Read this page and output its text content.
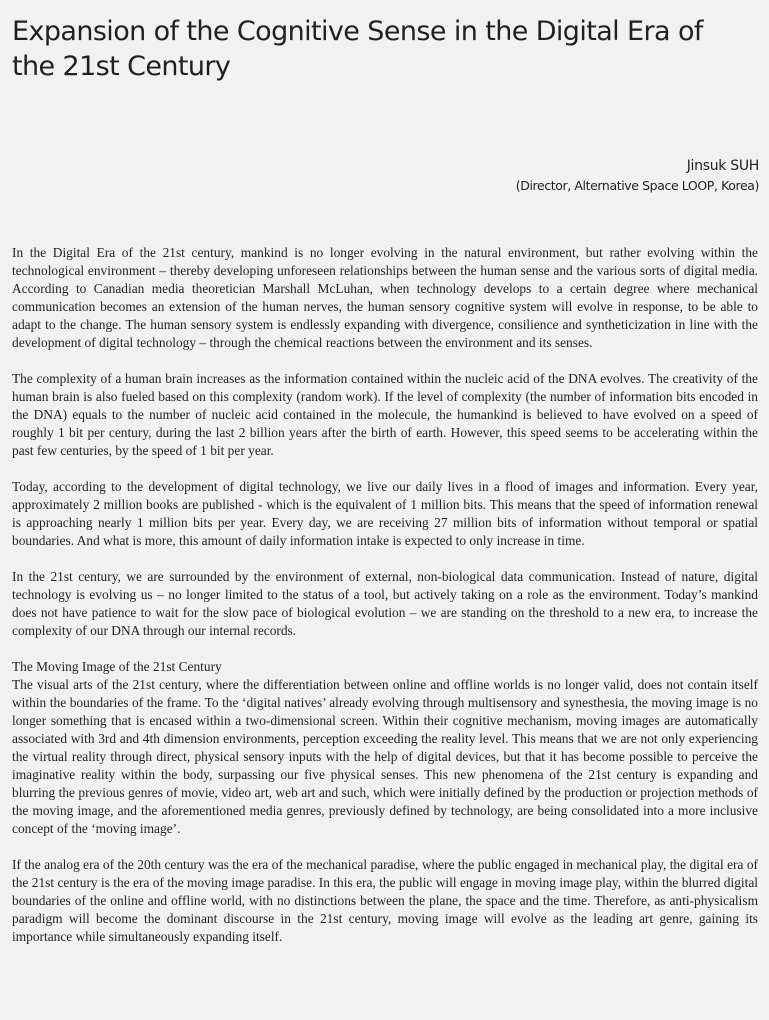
Expansion of the Cognitive Sense in the Digital Era of the 21st Century
Jinsuk SUH
(Director, Alternative Space LOOP, Korea)

In the Digital Era of the 21st century, mankind is no longer evolving in the natural environment, but rather evolving within the technological environment – thereby developing unforeseen relationships between the human sense and the various sorts of digital media. According to Canadian media theoretician Marshall McLuhan, when technology develops to a certain degree where mechanical communication becomes an extension of the human nerves, the human sensory cognitive system will evolve in response, to be able to adapt to the change. The human sensory system is endlessly expanding with divergence, consilience and syntheticization in line with the development of digital technology – through the chemical reactions between the environment and its senses.

The complexity of a human brain increases as the information contained within the nucleic acid of the DNA evolves. The creativity of the human brain is also fueled based on this complexity (random work). If the level of complexity (the number of information bits encoded in the DNA) equals to the number of nucleic acid contained in the molecule, the humankind is believed to have evolved on a speed of roughly 1 bit per century, during the last 2 billion years after the birth of earth. However, this speed seems to be accelerating within the past few centuries, by the speed of 1 bit per year.

Today, according to the development of digital technology, we live our daily lives in a flood of images and information. Every year, approximately 2 million books are published - which is the equivalent of 1 million bits. This means that the speed of information renewal is approaching nearly 1 million bits per year. Every day, we are receiving 27 million bits of information without temporal or spatial boundaries. And what is more, this amount of daily information intake is expected to only increase in time.

In the 21st century, we are surrounded by the environment of external, non-biological data communication. Instead of nature, digital technology is evolving us – no longer limited to the status of a tool, but actively taking on a role as the environment. Today’s mankind does not have patience to wait for the slow pace of biological evolution – we are standing on the threshold to a new era, to increase the complexity of our DNA through our internal records.

The Moving Image of the 21st Century

The visual arts of the 21st century, where the differentiation between online and offline worlds is no longer valid, does not contain itself within the boundaries of the frame. To the ‘digital natives’ already evolving through multisensory and synesthesia, the moving image is no longer something that is encased within a two-dimensional screen. Within their cognitive mechanism, moving images are automatically associated with 3rd and 4th dimension environments, perception exceeding the reality level. This means that we are not only experiencing the virtual reality through direct, physical sensory inputs with the help of digital devices, but that it has become possible to perceive the imaginative reality within the body, surpassing our five physical senses. This new phenomena of the 21st century is expanding and blurring the previous genres of movie, video art, web art and such, which were initially defined by the production or projection methods of the moving image, and the aforementioned media genres, previously defined by technology, are being consolidated into a more inclusive concept of the ‘moving image’.

If the analog era of the 20th century was the era of the mechanical paradise, where the public engaged in mechanical play, the digital era of the 21st century is the era of the moving image paradise. In this era, the public will engage in moving image play, within the blurred digital boundaries of the online and offline world, with no distinctions between the plane, the space and the time. Therefore, as anti-physicalism paradigm will become the dominant discourse in the 21st century, moving image will evolve as the leading art genre, gaining its importance while simultaneously expanding itself.
